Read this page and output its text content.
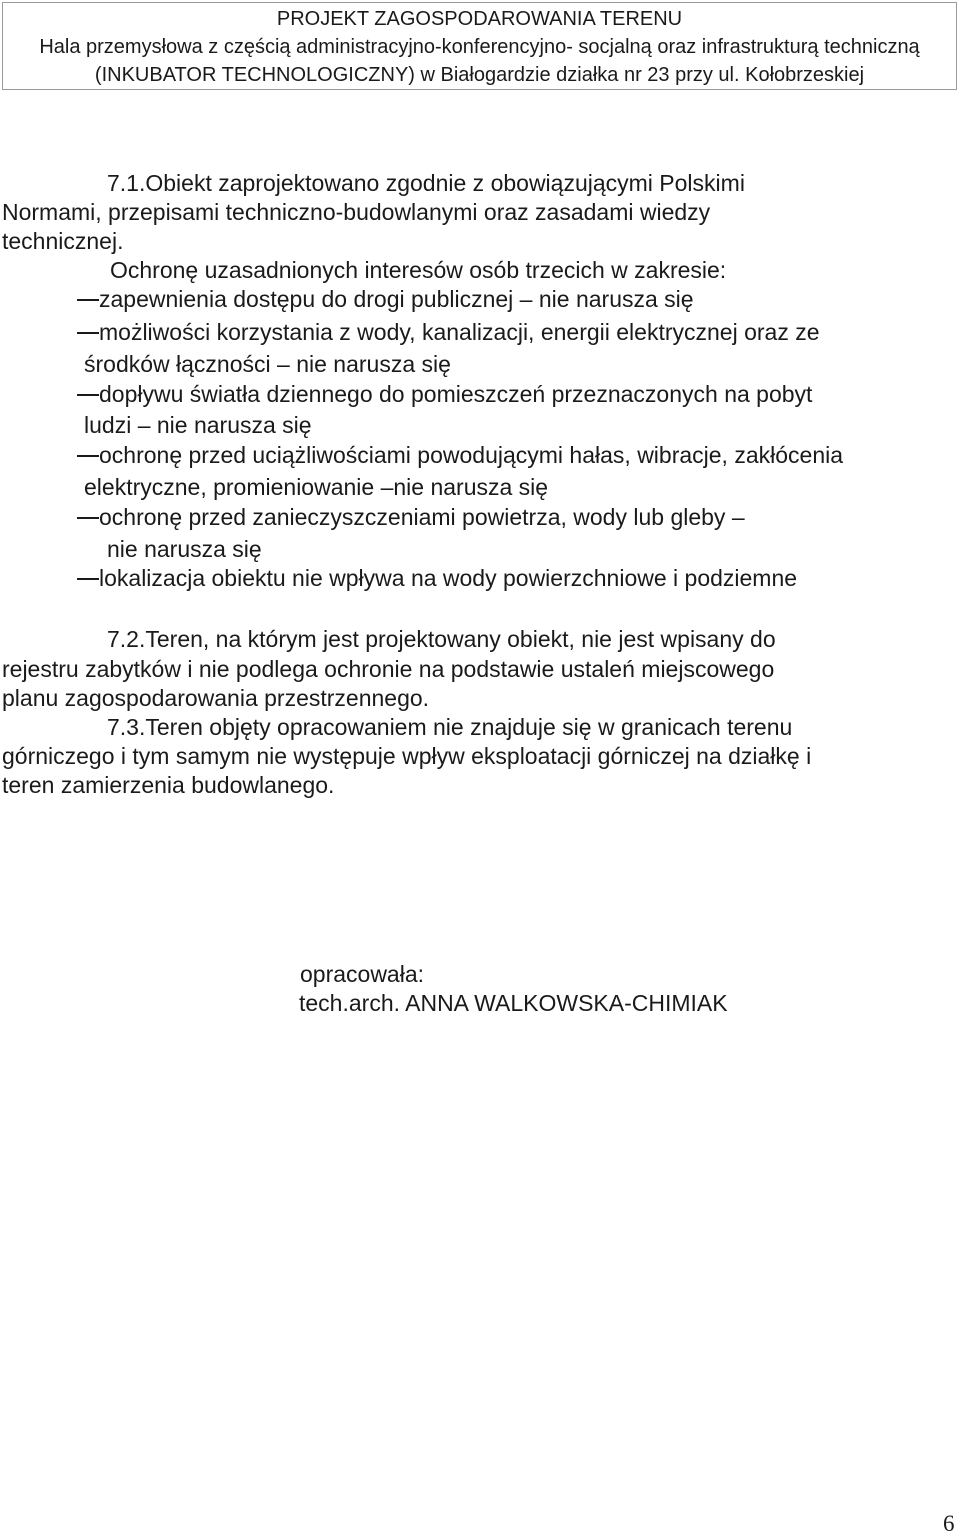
PROJEKT ZAGOSPODAROWANIA TERENU
Hala przemysłowa z częścią administracyjno-konferencyjno- socjalną oraz infrastrukturą techniczną
(INKUBATOR TECHNOLOGICZNY) w Białogardzie działka nr 23 przy ul. Kołobrzeskiej
7.1.Obiekt zaprojektowano zgodnie z obowiązującymi Polskimi
Normami, przepisami techniczno-budowlanymi oraz zasadami wiedzy
technicznej.
Ochronę uzasadnionych interesów osób trzecich w zakresie:
zapewnienia dostępu do drogi publicznej – nie narusza się
możliwości korzystania z wody, kanalizacji, energii elektrycznej oraz ze
środków łączności – nie narusza się
dopływu światła dziennego do pomieszczeń przeznaczonych na pobyt
ludzi – nie narusza się
ochronę przed uciążliwościami powodującymi hałas, wibracje, zakłócenia
elektryczne, promieniowanie –nie narusza się
ochronę przed zanieczyszczeniami powietrza, wody lub gleby –
nie narusza się
lokalizacja obiektu nie wpływa na wody powierzchniowe i podziemne
7.2.Teren, na którym jest projektowany obiekt, nie jest wpisany do
rejestru zabytków i nie podlega ochronie na podstawie ustaleń miejscowego
planu zagospodarowania przestrzennego.
7.3.Teren objęty opracowaniem nie znajduje się w granicach terenu
górniczego i tym samym nie występuje wpływ eksploatacji górniczej na działkę i
teren zamierzenia budowlanego.
opracowała:
tech.arch. ANNA WALKOWSKA-CHIMIAK
6
